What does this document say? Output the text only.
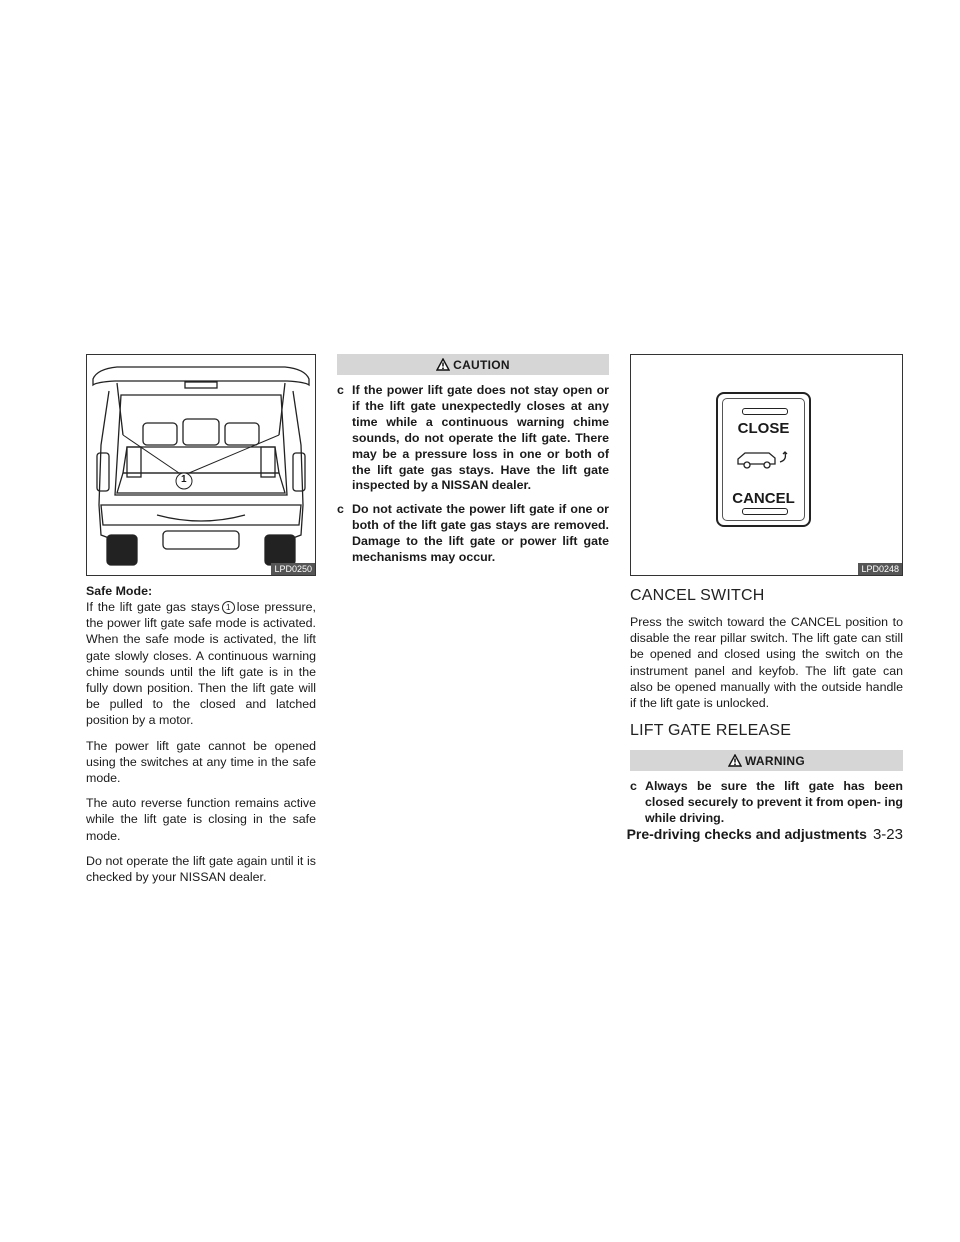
1
LPD0250

Safe Mode:

If the lift gate gas stays 1 lose pressure, the power lift gate safe mode is activated. When the safe mode is activated, the lift gate slowly closes. A continuous warning chime sounds until the lift gate is in the fully down position. Then the lift gate will be pulled to the closed and latched position by a motor.

The power lift gate cannot be opened using the switches at any time in the safe mode.

The auto reverse function remains active while the lift gate is closing in the safe mode.

Do not operate the lift gate again until it is checked by your NISSAN dealer.

CAUTION
c If the power lift gate does not stay open or if the lift gate unexpectedly closes at any time while a continuous warning chime sounds, do not operate the lift gate. There may be a pressure loss in one or both of the lift gate gas stays. Have the lift gate inspected by a NISSAN dealer.
c Do not activate the power lift gate if one or both of the lift gate gas stays are removed. Damage to the lift gate or power lift gate mechanisms may occur.
CLOSE
CANCEL
LPD0248
CANCEL SWITCH

Press the switch toward the CANCEL position to disable the rear pillar switch. The lift gate can still be opened and closed using the switch on the instrument panel and keyfob. The lift gate can also be opened manually with the outside handle if the lift gate is unlocked.

LIFT GATE RELEASE
WARNING
c Always be sure the lift gate has been closed securely to prevent it from open- ing while driving.
Pre-driving checks and adjustments 3-23
